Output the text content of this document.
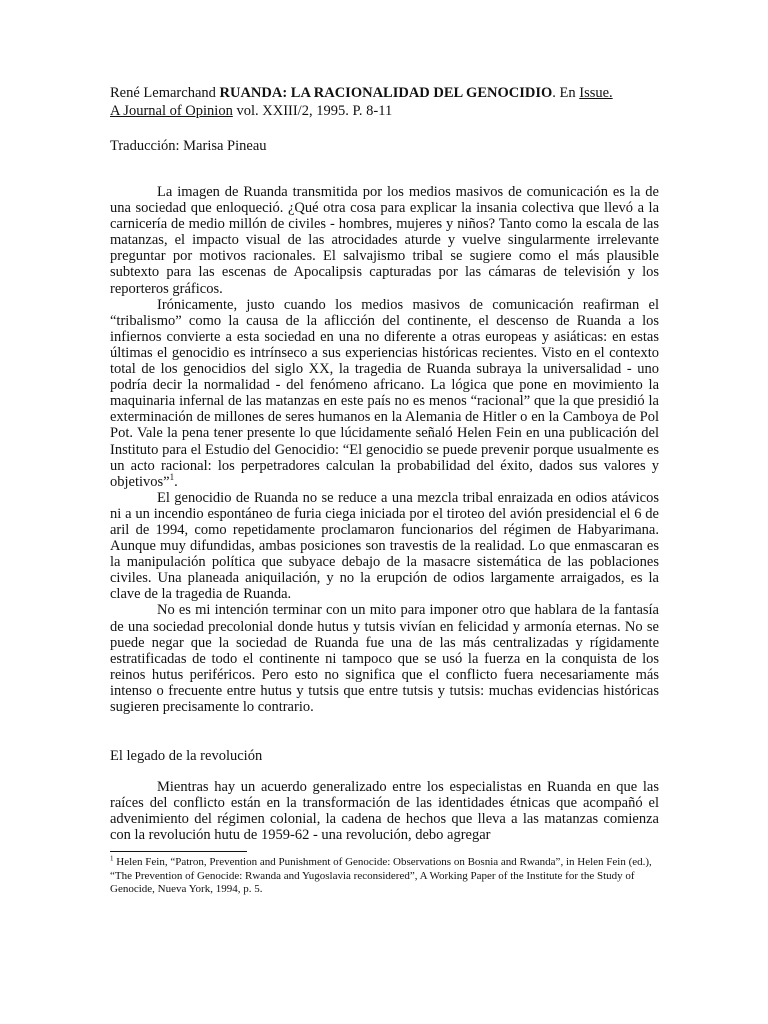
René Lemarchand RUANDA: LA RACIONALIDAD DEL GENOCIDIO. En Issue.
A Journal of Opinion vol. XXIII/2, 1995. P. 8-11

Traducción: Marisa Pineau

La imagen de Ruanda transmitida por los medios masivos de comunicación es la de una sociedad que enloqueció. ¿Qué otra cosa para explicar la insania colectiva que llevó a la carnicería de medio millón de civiles - hombres, mujeres y niños? Tanto como la escala de las matanzas, el impacto visual de las atrocidades aturde y vuelve singularmente irrelevante preguntar por motivos racionales. El salvajismo tribal se sugiere como el más plausible subtexto para las escenas de Apocalipsis capturadas por las cámaras de televisión y los reporteros gráficos.

Irónicamente, justo cuando los medios masivos de comunicación reafirman el “tribalismo” como la causa de la aflicción del continente, el descenso de Ruanda a los infiernos convierte a esta sociedad en una no diferente a otras europeas y asiáticas: en estas últimas el genocidio es intrínseco a sus experiencias históricas recientes. Visto en el contexto total de los genocidios del siglo XX, la tragedia de Ruanda subraya la universalidad - uno podría decir la normalidad - del fenómeno africano. La lógica que pone en movimiento la maquinaria infernal de las matanzas en este país no es menos “racional” que la que presidió la exterminación de millones de seres humanos en la Alemania de Hitler o en la Camboya de Pol Pot. Vale la pena tener presente lo que lúcidamente señaló Helen Fein en una publicación del Instituto para el Estudio del Genocidio: “El genocidio se puede prevenir porque usualmente es un acto racional: los perpetradores calculan la probabilidad del éxito, dados sus valores y objetivos”$^1$.

El genocidio de Ruanda no se reduce a una mezcla tribal enraizada en odios atávicos ni a un incendio espontáneo de furia ciega iniciada por el tiroteo del avión presidencial el 6 de aril de 1994, como repetidamente proclamaron funcionarios del régimen de Habyarimana. Aunque muy difundidas, ambas posiciones son travestis de la realidad. Lo que enmascaran es la manipulación política que subyace debajo de la masacre sistemática de las poblaciones civiles. Una planeada aniquilación, y no la erupción de odios largamente arraigados, es la clave de la tragedia de Ruanda.

No es mi intención terminar con un mito para imponer otro que hablara de la fantasía de una sociedad precolonial donde hutus y tutsis vivían en felicidad y armonía eternas. No se puede negar que la sociedad de Ruanda fue una de las más centralizadas y rígidamente estratificadas de todo el continente ni tampoco que se usó la fuerza en la conquista de los reinos hutus periféricos. Pero esto no significa que el conflicto fuera necesariamente más intenso o frecuente entre hutus y tutsis que entre tutsis y tutsis: muchas evidencias históricas sugieren precisamente lo contrario.

El legado de la revolución

Mientras hay un acuerdo generalizado entre los especialistas en Ruanda en que las raíces del conflicto están en la transformación de las identidades étnicas que acompañó el advenimiento del régimen colonial, la cadena de hechos que lleva a las matanzas comienza con la revolución hutu de 1959-62 - una revolución, debo agregar

$^1$ Helen Fein, “Patron, Prevention and Punishment of Genocide: Observations on Bosnia and Rwanda”, in Helen Fein (ed.), “The Prevention of Genocide: Rwanda and Yugoslavia reconsidered”, A Working Paper of the Institute for the Study of Genocide, Nueva York, 1994, p. 5.
